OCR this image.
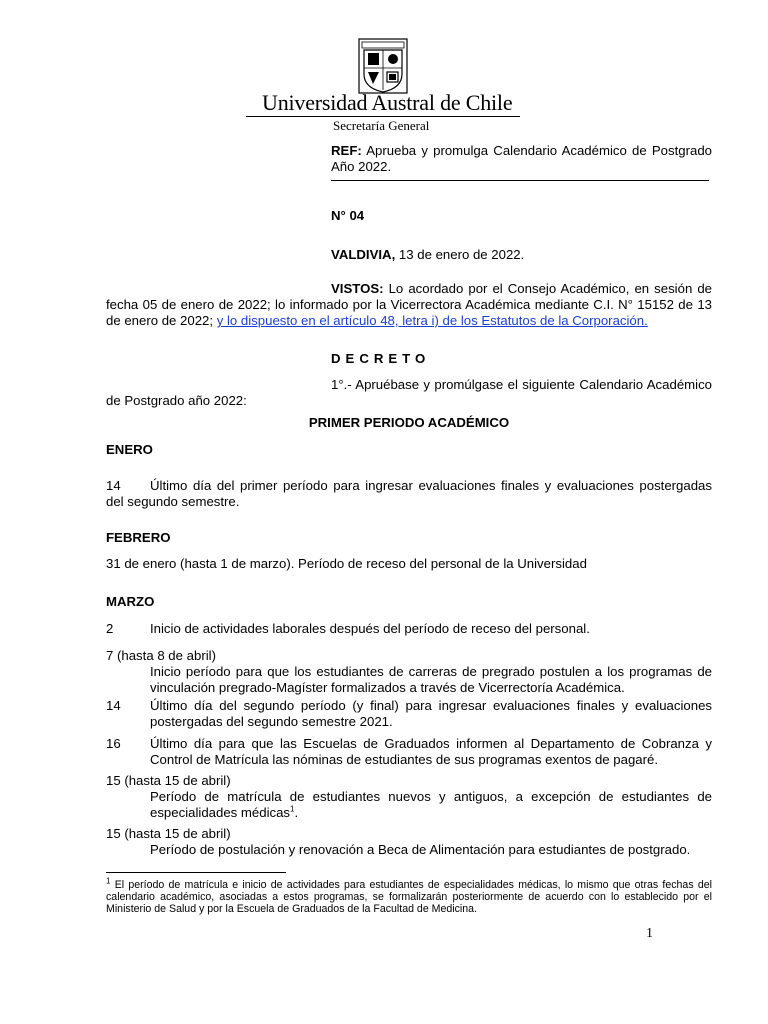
Universidad Austral de Chile
Secretaría General
REF: Aprueba y promulga Calendario Académico de Postgrado Año 2022.
N° 04
VALDIVIA, 13 de enero de 2022.
VISTOS: Lo acordado por el Consejo Académico, en sesión de fecha 05 de enero de 2022; lo informado por la Vicerrectora Académica mediante C.I. N° 15152 de 13 de enero de 2022; y lo dispuesto en el artículo 48, letra i) de los Estatutos de la Corporación.
DECRETO
1°.- Apruébase y promúlgase el siguiente Calendario Académico de Postgrado año 2022:
PRIMER PERIODO ACADÉMICO
ENERO
14	Último día del primer período para ingresar evaluaciones finales y evaluaciones postergadas del segundo semestre.
FEBRERO
31 de enero (hasta 1 de marzo). Período de receso del personal de la Universidad
MARZO
2	Inicio de actividades laborales después del período de receso del personal.
7 (hasta 8 de abril)
Inicio período para que los estudiantes de carreras de pregrado postulen a los programas de vinculación pregrado-Magíster formalizados a través de Vicerrectoría Académica.
14 Último día del segundo período (y final) para ingresar evaluaciones finales y evaluaciones postergadas del segundo semestre 2021.
16 Último día para que las Escuelas de Graduados informen al Departamento de Cobranza y Control de Matrícula las nóminas de estudiantes de sus programas exentos de pagaré.
15 (hasta 15 de abril)
Período de matrícula de estudiantes nuevos y antiguos, a excepción de estudiantes de especialidades médicas$^1$.
15 (hasta 15 de abril)
Período de postulación y renovación a Beca de Alimentación para estudiantes de postgrado.
$^1$ El período de matrícula e inicio de actividades para estudiantes de especialidades médicas, lo mismo que otras fechas del calendario académico, asociadas a estos programas, se formalizarán posteriormente de acuerdo con lo establecido por el Ministerio de Salud y por la Escuela de Graduados de la Facultad de Medicina.
1
